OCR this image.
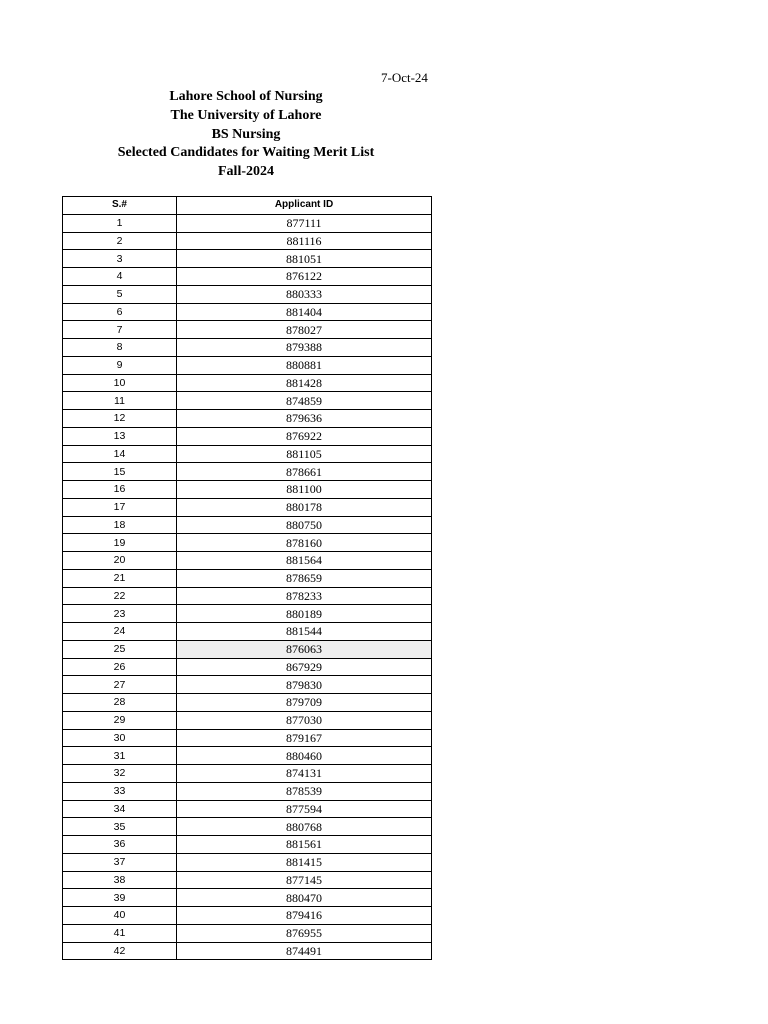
7-Oct-24
Lahore School of Nursing
The University of Lahore
BS Nursing
Selected Candidates for Waiting Merit List
Fall-2024
S.#	Applicant ID
1	877111
2	881116
3	881051
4	876122
5	880333
6	881404
7	878027
8	879388
9	880881
10	881428
11	874859
12	879636
13	876922
14	881105
15	878661
16	881100
17	880178
18	880750
19	878160
20	881564
21	878659
22	878233
23	880189
24	881544
25	876063
26	867929
27	879830
28	879709
29	877030
30	879167
31	880460
32	874131
33	878539
34	877594
35	880768
36	881561
37	881415
38	877145
39	880470
40	879416
41	876955
42	874491
